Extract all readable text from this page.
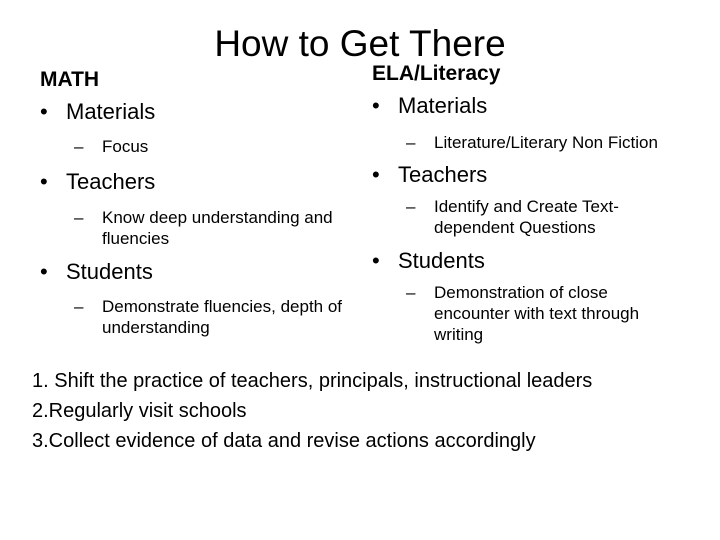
How to Get There
MATH
• Materials
–	Focus
• Teachers
–	Know deep understanding and fluencies
• Students
–	Demonstrate fluencies, depth of understanding
ELA/Literacy
• Materials
–	Literature/Literary Non Fiction
• Teachers
–	Identify and Create Text-dependent Questions
• Students
–	Demonstration of close encounter with text through writing
1. Shift the practice of teachers, principals, instructional leaders
2.Regularly visit schools
3.Collect evidence of data and revise actions accordingly
